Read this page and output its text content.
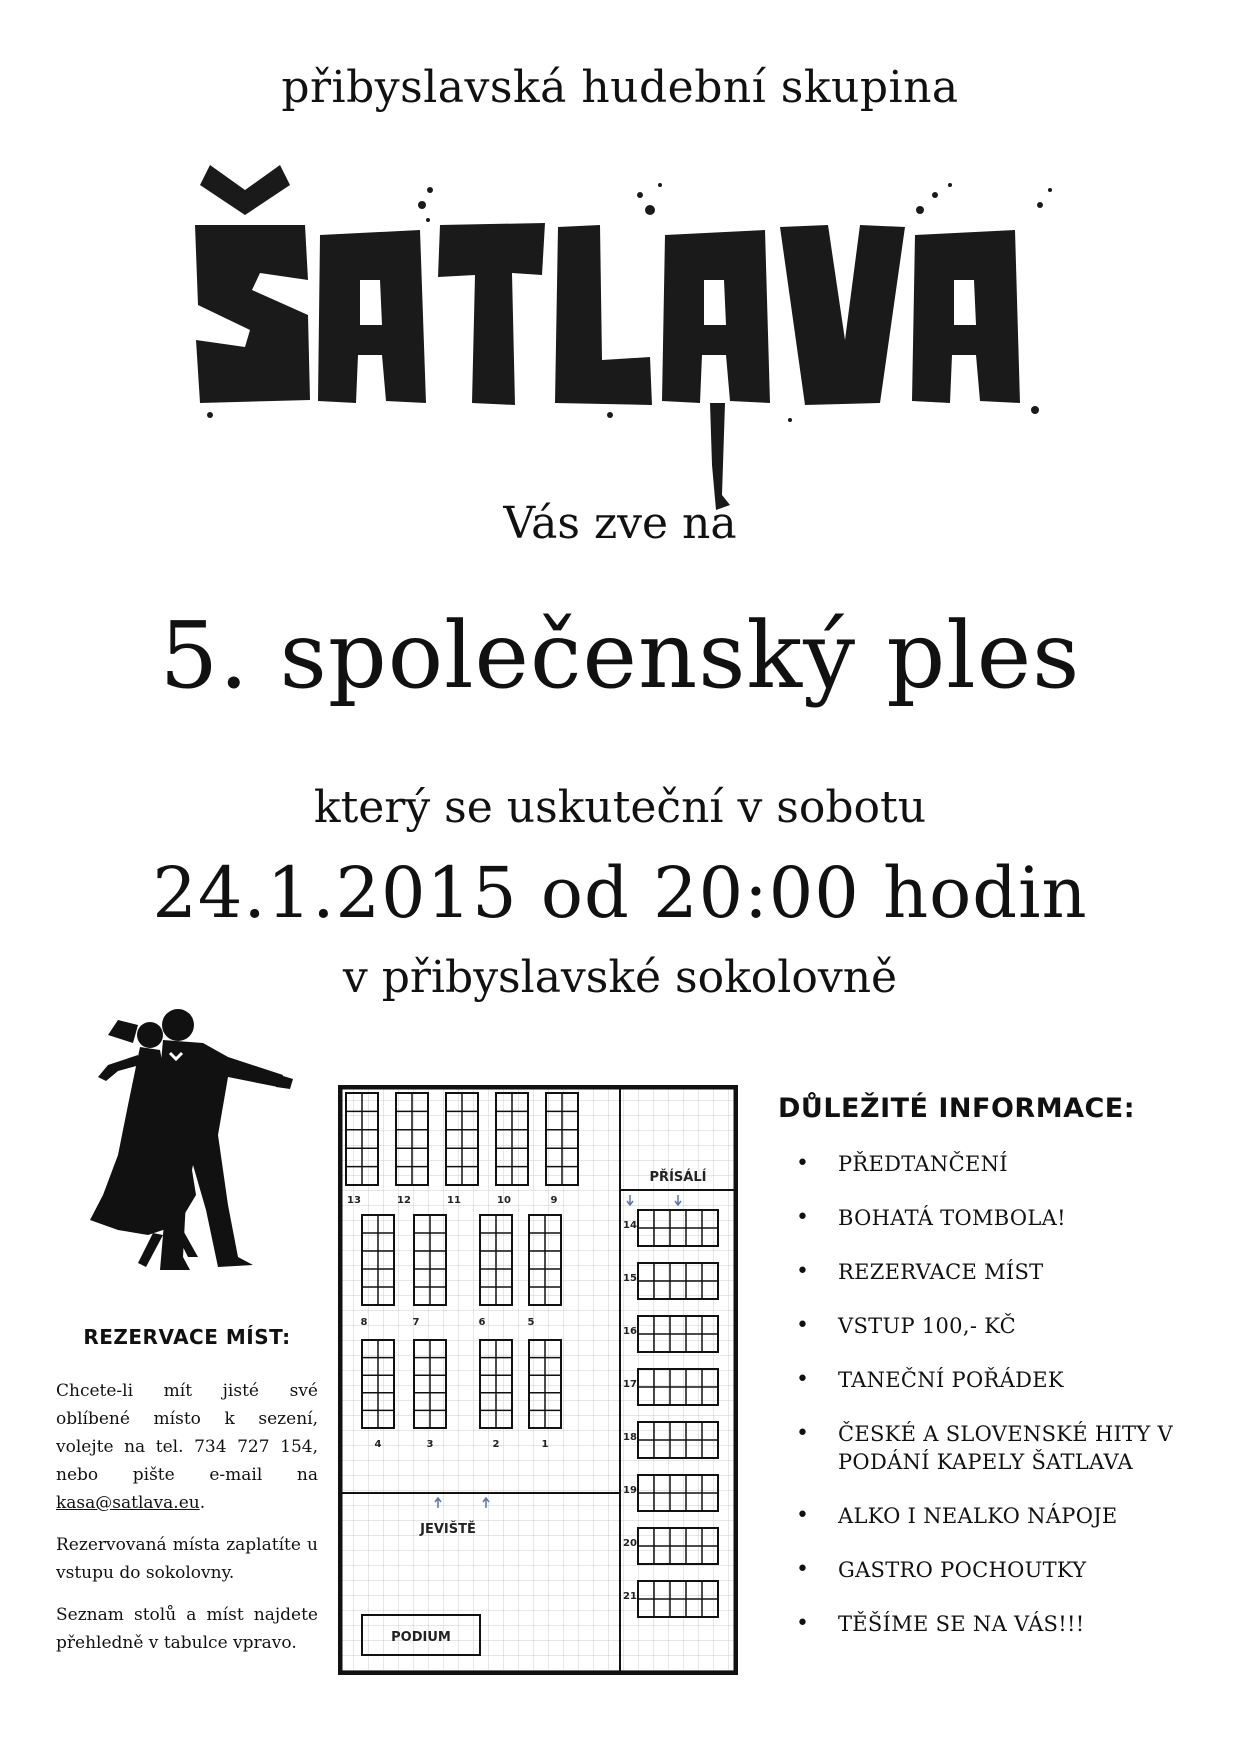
přibyslavská hudební skupina
Vás zve na
5. společenský ples
který se uskuteční v sobotu
24.1.2015 od 20:00 hodin
v přibyslavské sokolovně
REZERVACE MÍST:

Chcete-li mít jisté své oblíbené místo k sezení, volejte na tel. 734 727 154, nebo pište e-mail na kasa@satlava.eu.

Rezervovaná místa zaplatíte u vstupu do sokolovny.

Seznam stolů a míst najdete přehledně v tabulce vpravo.

13	12	11	10	9
8	7	6	5
4	3	2	1
14
15
16
17
18
19
20
21
PŘÍSÁLÍ
JEVIŠTĚ
PODIUM
DŮLEŽITÉ INFORMACE:
• PŘEDTANČENÍ
• BOHATÁ TOMBOLA!
• REZERVACE MÍST
• VSTUP 100,- KČ
• TANEČNÍ POŘÁDEK
• ČESKÉ A SLOVENSKÉ HITY V PODÁNÍ KAPELY ŠATLAVA
• ALKO I NEALKO NÁPOJE
• GASTRO POCHOUTKY
• TĚŠÍME SE NA VÁS!!!
